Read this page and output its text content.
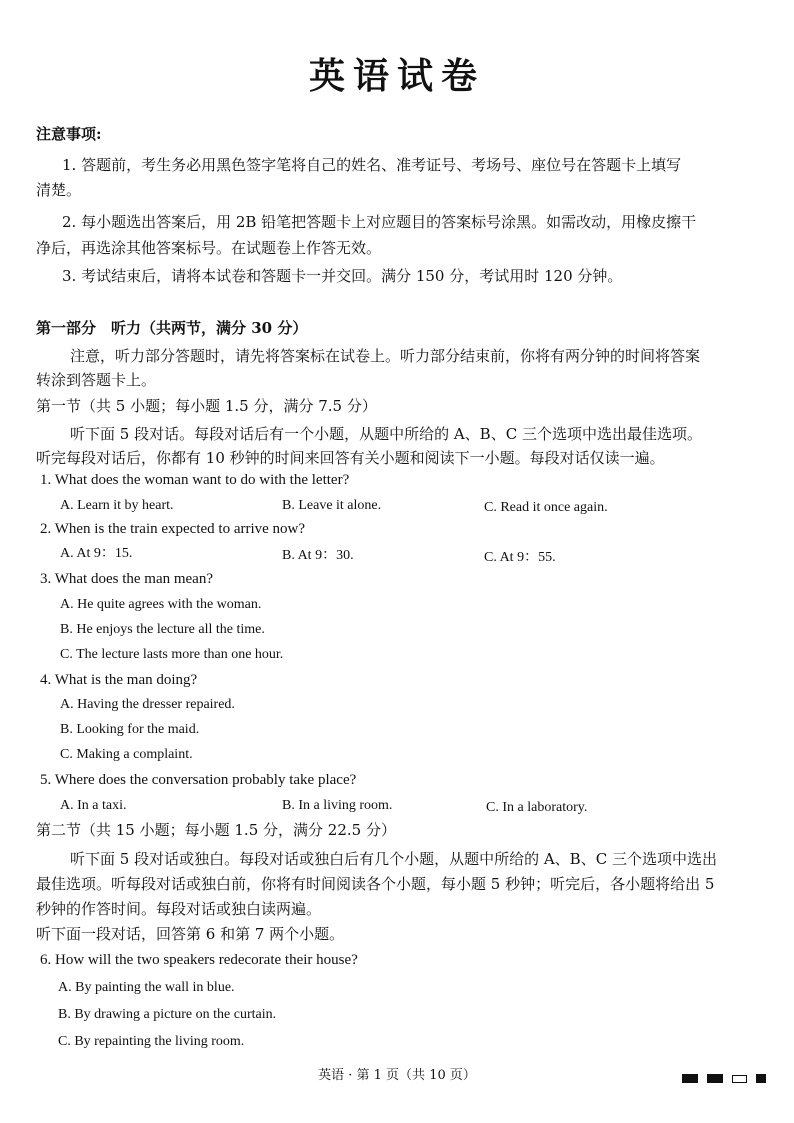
英语试卷
注意事项:
1. 答题前，考生务必用黑色签字笔将自己的姓名、准考证号、考场号、座位号在答题卡上填写
清楚。
2. 每小题选出答案后，用 2B 铅笔把答题卡上对应题目的答案标号涂黑。如需改动，用橡皮擦干
净后，再选涂其他答案标号。在试题卷上作答无效。
3. 考试结束后，请将本试卷和答题卡一并交回。满分 150 分，考试用时 120 分钟。
第一部分　听力（共两节，满分 30 分）
注意，听力部分答题时，请先将答案标在试卷上。听力部分结束前，你将有两分钟的时间将答案
转涂到答题卡上。
第一节（共 5 小题；每小题 1.5 分，满分 7.5 分）
听下面 5 段对话。每段对话后有一个小题，从题中所给的 A、B、C 三个选项中选出最佳选项。
听完每段对话后，你都有 10 秒钟的时间来回答有关小题和阅读下一小题。每段对话仅读一遍。
1. What does the woman want to do with the letter?
A. Learn it by heart.	B. Leave it alone.	C. Read it once again.
2. When is the train expected to arrive now?
A. At 9：15.	B. At 9：30.	C. At 9：55.
3. What does the man mean?
A. He quite agrees with the woman.
B. He enjoys the lecture all the time.
C. The lecture lasts more than one hour.
4. What is the man doing?
A. Having the dresser repaired.
B. Looking for the maid.
C. Making a complaint.
5. Where does the conversation probably take place?
A. In a taxi.	B. In a living room.	C. In a laboratory.
第二节（共 15 小题；每小题 1.5 分，满分 22.5 分）
听下面 5 段对话或独白。每段对话或独白后有几个小题，从题中所给的 A、B、C 三个选项中选出
最佳选项。听每段对话或独白前，你将有时间阅读各个小题，每小题 5 秒钟；听完后，各小题将给出 5
秒钟的作答时间。每段对话或独白读两遍。
听下面一段对话，回答第 6 和第 7 两个小题。
6. How will the two speakers redecorate their house?
A. By painting the wall in blue.
B. By drawing a picture on the curtain.
C. By repainting the living room.
英语 · 第 1 页（共 10 页）
